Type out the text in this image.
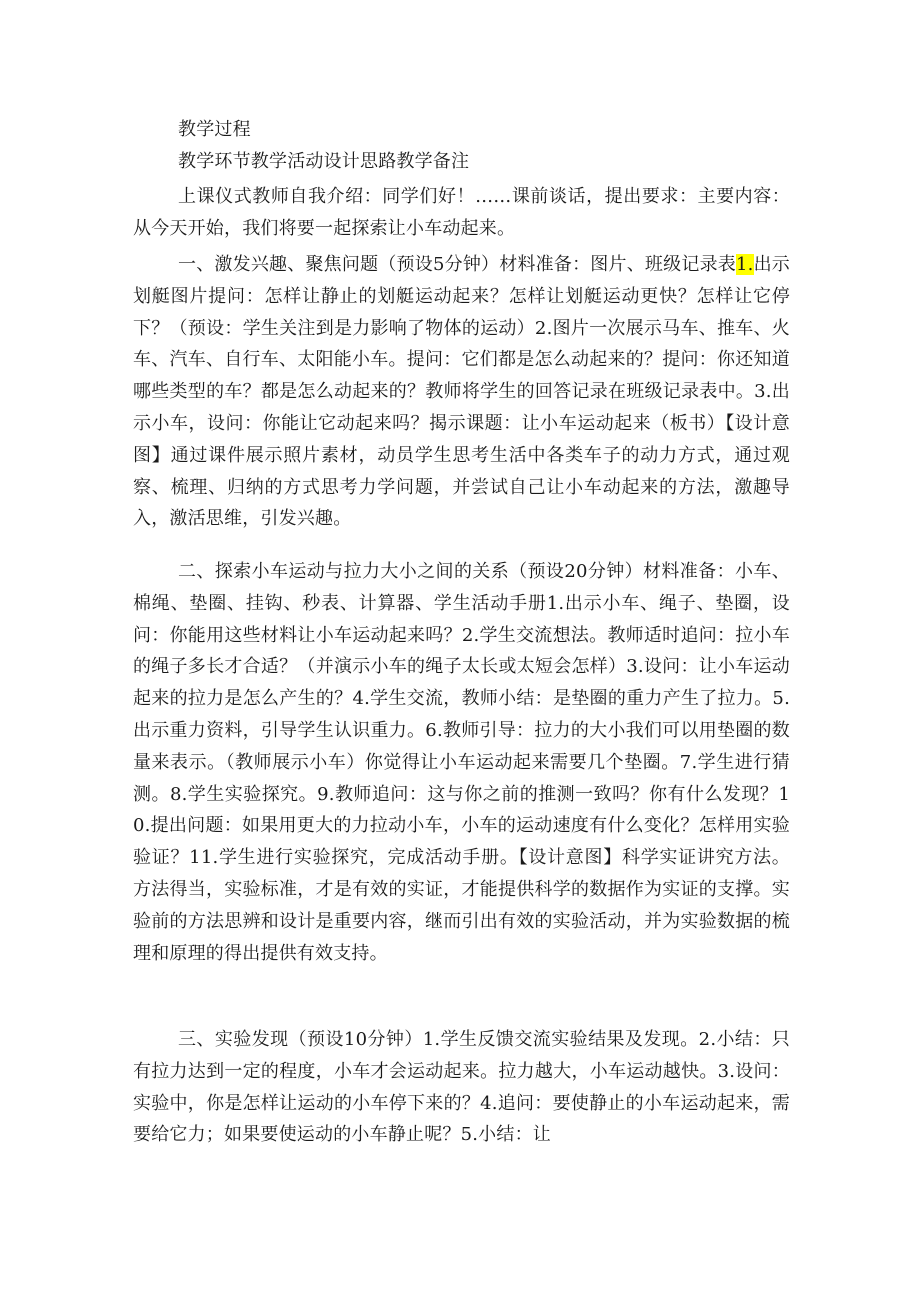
教学过程

教学环节教学活动设计思路教学备注

上课仪式教师自我介绍：同学们好！……课前谈话，提出要求：主要内容：从今天开始，我们将要一起探索让小车动起来。

一、激发兴趣、聚焦问题（预设5分钟）材料准备：图片、班级记录表1.出示划艇图片提问：怎样让静止的划艇运动起来？怎样让划艇运动更快？怎样让它停下？（预设：学生关注到是力影响了物体的运动）2.图片一次展示马车、推车、火车、汽车、自行车、太阳能小车。提问：它们都是怎么动起来的？提问：你还知道哪些类型的车？都是怎么动起来的？教师将学生的回答记录在班级记录表中。3.出示小车，设问：你能让它动起来吗？揭示课题：让小车运动起来（板书）【设计意图】通过课件展示照片素材，动员学生思考生活中各类车子的动力方式，通过观察、梳理、归纳的方式思考力学问题，并尝试自己让小车动起来的方法，激趣导入，激活思维，引发兴趣。

二、探索小车运动与拉力大小之间的关系（预设20分钟）材料准备：小车、棉绳、垫圈、挂钩、秒表、计算器、学生活动手册1.出示小车、绳子、垫圈，设问：你能用这些材料让小车运动起来吗？2.学生交流想法。教师适时追问：拉小车的绳子多长才合适？（并演示小车的绳子太长或太短会怎样）3.设问：让小车运动起来的拉力是怎么产生的？4.学生交流，教师小结：是垫圈的重力产生了拉力。5.出示重力资料，引导学生认识重力。6.教师引导：拉力的大小我们可以用垫圈的数量来表示。（教师展示小车）你觉得让小车运动起来需要几个垫圈。7.学生进行猜测。8.学生实验探究。9.教师追问：这与你之前的推测一致吗？你有什么发现？10.提出问题：如果用更大的力拉动小车，小车的运动速度有什么变化？怎样用实验验证？11.学生进行实验探究，完成活动手册。【设计意图】科学实证讲究方法。方法得当，实验标准，才是有效的实证，才能提供科学的数据作为实证的支撑。实验前的方法思辨和设计是重要内容，继而引出有效的实验活动，并为实验数据的梳理和原理的得出提供有效支持。

三、实验发现（预设10分钟）1.学生反馈交流实验结果及发现。2.小结：只有拉力达到一定的程度，小车才会运动起来。拉力越大，小车运动越快。3.设问：实验中，你是怎样让运动的小车停下来的？4.追问：要使静止的小车运动起来，需要给它力；如果要使运动的小车静止呢？5.小结：让
